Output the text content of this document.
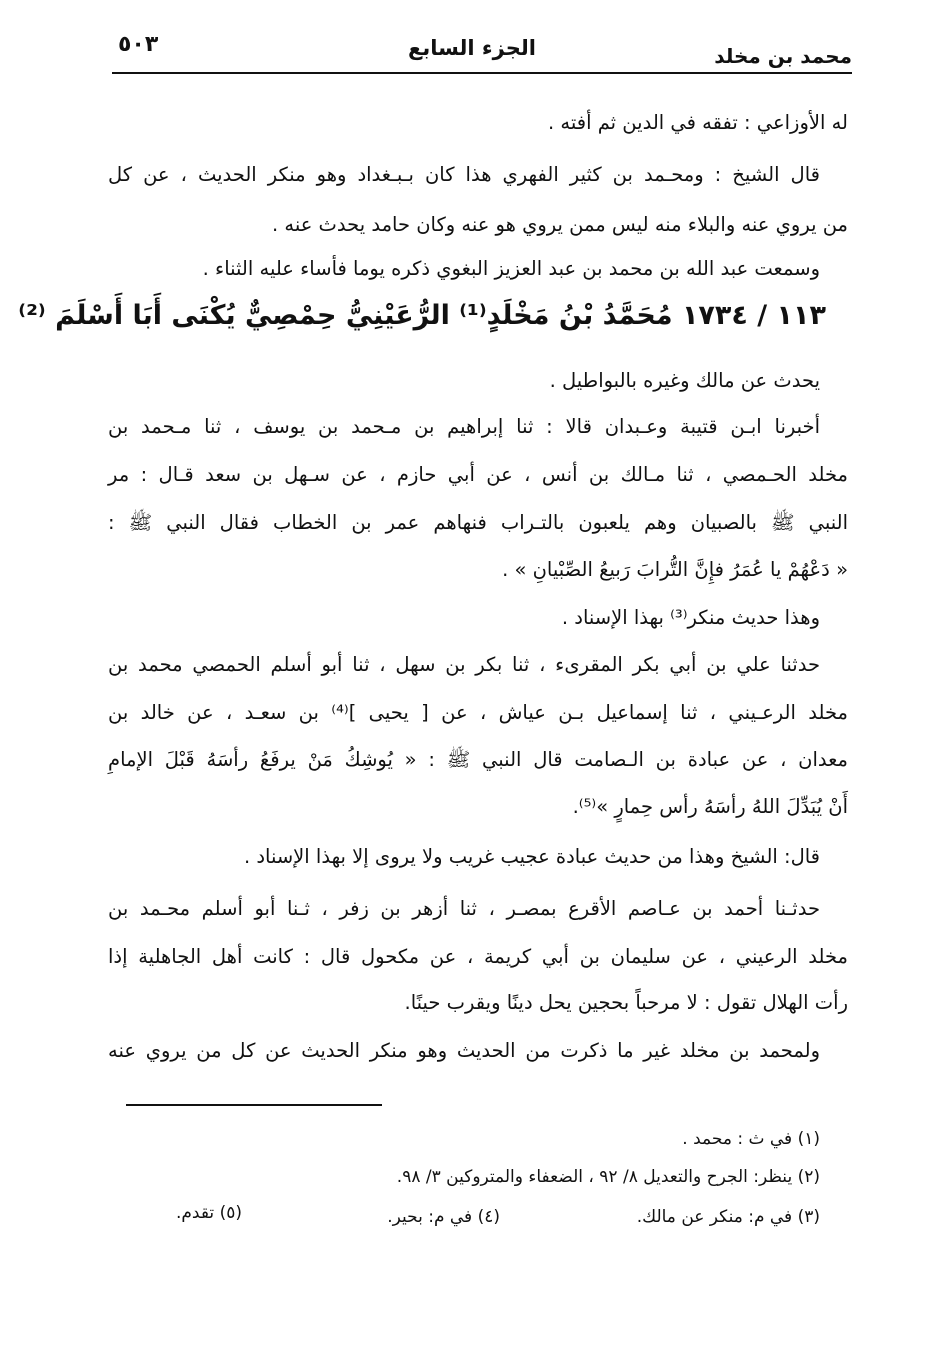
محمد بن مخلد
الجزء السابع
٥٠٣
له الأوزاعي : تفقه في الدين ثم أفته .
قال الشيخ : ومحـمد بن كثير الفهري هذا كان بـبـغداد وهو منكر الحديث ، عن كل
من يروي عنه والبلاء منه ليس ممن يروي هو عنه وكان حامد يحدث عنه .
وسمعت عبد الله بن محمد بن عبد العزيز البغوي ذكره يوما فأساء عليه الثناء .
١١٣ / ١٧٣٤ مُحَمَّدُ بْنُ مَخْلَدٍ⁽¹⁾ الرُّعَيْنِيُّ حِمْصِيٌّ يُكْنَى أَبَا أَسْلَمَ ⁽²⁾
يحدث عن مالك وغيره بالبواطيل .
أخبرنا ابـن قتيبة وعـبدان قالا : ثنا إبراهيم بن مـحمد بن يوسف ، ثنا مـحمد بن
مخلد الحـمصي ، ثنا مـالك بن أنس ، عن أبي حازم ، عن سـهل بن سعد قـال : مر
النبي ﷺ بالصبيان وهم يلعبون بالتـراب فنهاهم عمر بن الخطاب فقال النبي ﷺ :
« دَعْهُمْ يا عُمَرُ فإِنَّ التُّرابَ رَبيعُ الصِّبْيانِ » .
وهذا حديث منكر⁽³⁾ بهذا الإسناد .
حدثنا علي بن أبي بكر المقرىء ، ثنا بكر بن سهل ، ثنا أبو أسلم الحمصي محمد بن
مخلد الرعـيني ، ثنا إسماعيل بـن عياش ، عن [ يحيى ]⁽⁴⁾ بن سعـد ، عن خالد بن
معدان ، عن عبادة بن الـصامت قال النبي ﷺ : « يُوشِكُ مَنْ يرفَعُ رأسَهُ قَبْلَ الإمامِ
أَنْ يُبَدِّلَ اللهُ رأسَهُ رأس حِمارٍ »⁽⁵⁾.
قال: الشيخ وهذا من حديث عبادة عجيب غريب ولا يروى إلا بهذا الإسناد .
حدثـنا أحمد بن عـاصم الأقرع بمصـر ، ثنا أزهر بن زفر ، ثـنا أبو أسلم محـمد بن
مخلد الرعيني ، عن سليمان بن أبي كريمة ، عن مكحول قال : كانت أهل الجاهلية إذا
رأت الهلال تقول : لا مرحباً بحجين يحل دينًا ويقرب حينًا.
ولمحمد بن مخلد غير ما ذكرت من الحديث وهو منكر الحديث عن كل من يروي عنه
(١) في ث : محمد .
(٢) ينظر: الجرح والتعديل ٨/ ٩٢ ، الضعفاء والمتروكين ٣/ ٩٨.
(٣) في م: منكر عن مالك.
(٤) في م: بحير.
(٥) تقدم.
